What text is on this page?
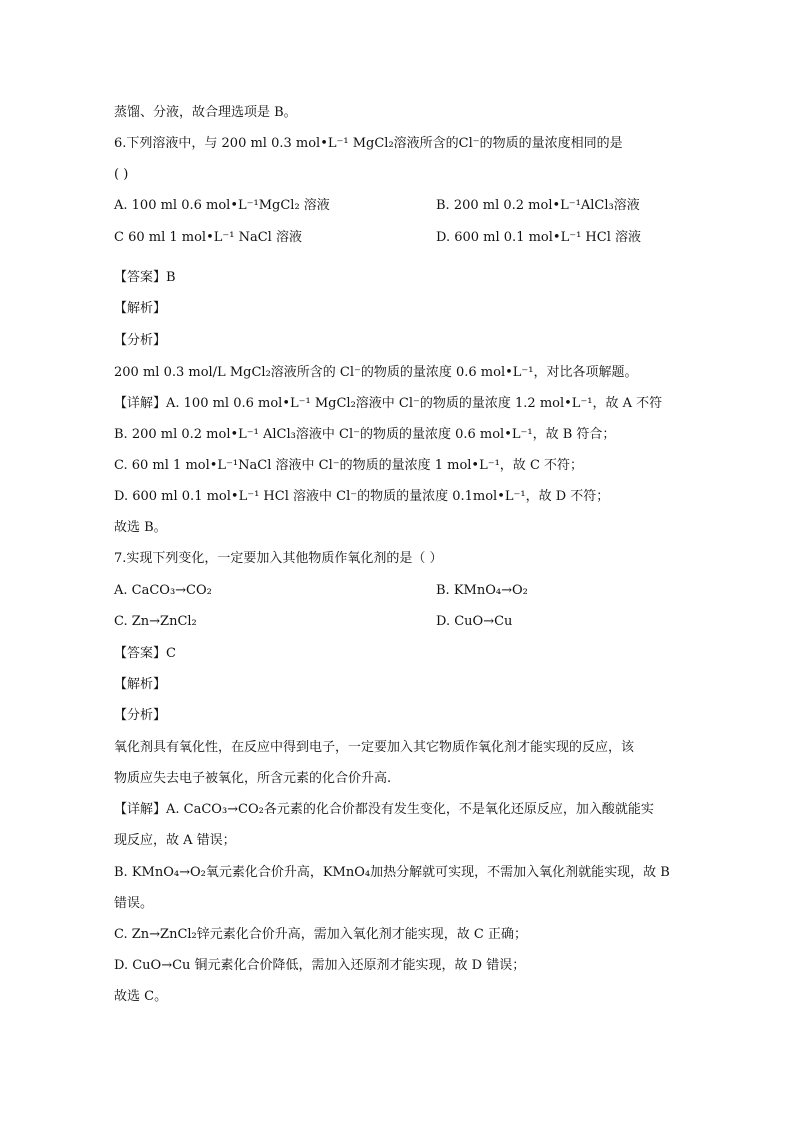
蒸馏、分液，故合理选项是 B。
6.下列溶液中，与 200 ml 0.3 mol•L⁻¹ MgCl₂溶液所含的Cl⁻的物质的量浓度相同的是
( )
A. 100 ml 0.6 mol•L⁻¹MgCl₂ 溶液	B. 200 ml 0.2 mol•L⁻¹AlCl₃溶液
C 60 ml 1 mol•L⁻¹ NaCl 溶液	D. 600 ml 0.1 mol•L⁻¹ HCl 溶液
【答案】B
【解析】
【分析】
200 ml 0.3 mol/L MgCl₂溶液所含的 Cl⁻的物质的量浓度 0.6 mol•L⁻¹，对比各项解题。
【详解】A. 100 ml 0.6 mol•L⁻¹ MgCl₂溶液中 Cl⁻的物质的量浓度 1.2 mol•L⁻¹，故 A 不符
B. 200 ml 0.2 mol•L⁻¹ AlCl₃溶液中 Cl⁻的物质的量浓度 0.6 mol•L⁻¹，故 B 符合；
C. 60 ml 1 mol•L⁻¹NaCl 溶液中 Cl⁻的物质的量浓度 1 mol•L⁻¹，故 C 不符；
D. 600 ml 0.1 mol•L⁻¹ HCl 溶液中 Cl⁻的物质的量浓度 0.1mol•L⁻¹，故 D 不符；
故选 B。
7.实现下列变化，一定要加入其他物质作氧化剂的是（ ）
A. CaCO₃→CO₂	B. KMnO₄→O₂
C. Zn→ZnCl₂	D. CuO→Cu
【答案】C
【解析】
【分析】
氧化剂具有氧化性，在反应中得到电子，一定要加入其它物质作氧化剂才能实现的反应，该
物质应失去电子被氧化，所含元素的化合价升高.
【详解】A. CaCO₃→CO₂各元素的化合价都没有发生变化，不是氧化还原反应，加入酸就能实
现反应，故 A 错误；
B. KMnO₄→O₂氧元素化合价升高，KMnO₄加热分解就可实现，不需加入氧化剂就能实现，故 B
错误。
C. Zn→ZnCl₂锌元素化合价升高，需加入氧化剂才能实现，故 C 正确；
D. CuO→Cu 铜元素化合价降低，需加入还原剂才能实现，故 D 错误；
故选 C。
